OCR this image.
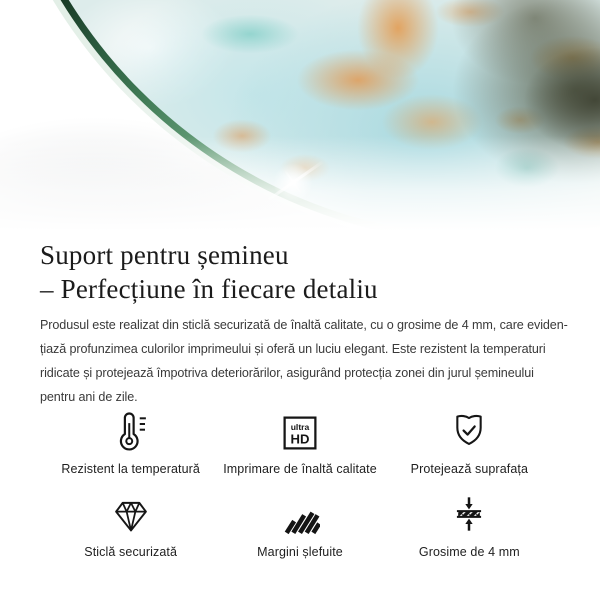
Suport pentru șemineu
– Perfecțiune în fiecare detaliu
Produsul este realizat din sticlă securizată de înaltă calitate, cu o grosime de 4 mm, care eviden-
țiază profunzimea culorilor imprimeului și oferă un luciu elegant. Este rezistent la temperaturi
ridicate și protejează împotriva deteriorărilor, asigurând protecția zonei din jurul șemineului
pentru ani de zile.
Rezistent la temperatură
ultra
HD
Imprimare de înaltă calitate	Protejează suprafața
Sticlă securizată	Margini șlefuite	Grosime de 4 mm
